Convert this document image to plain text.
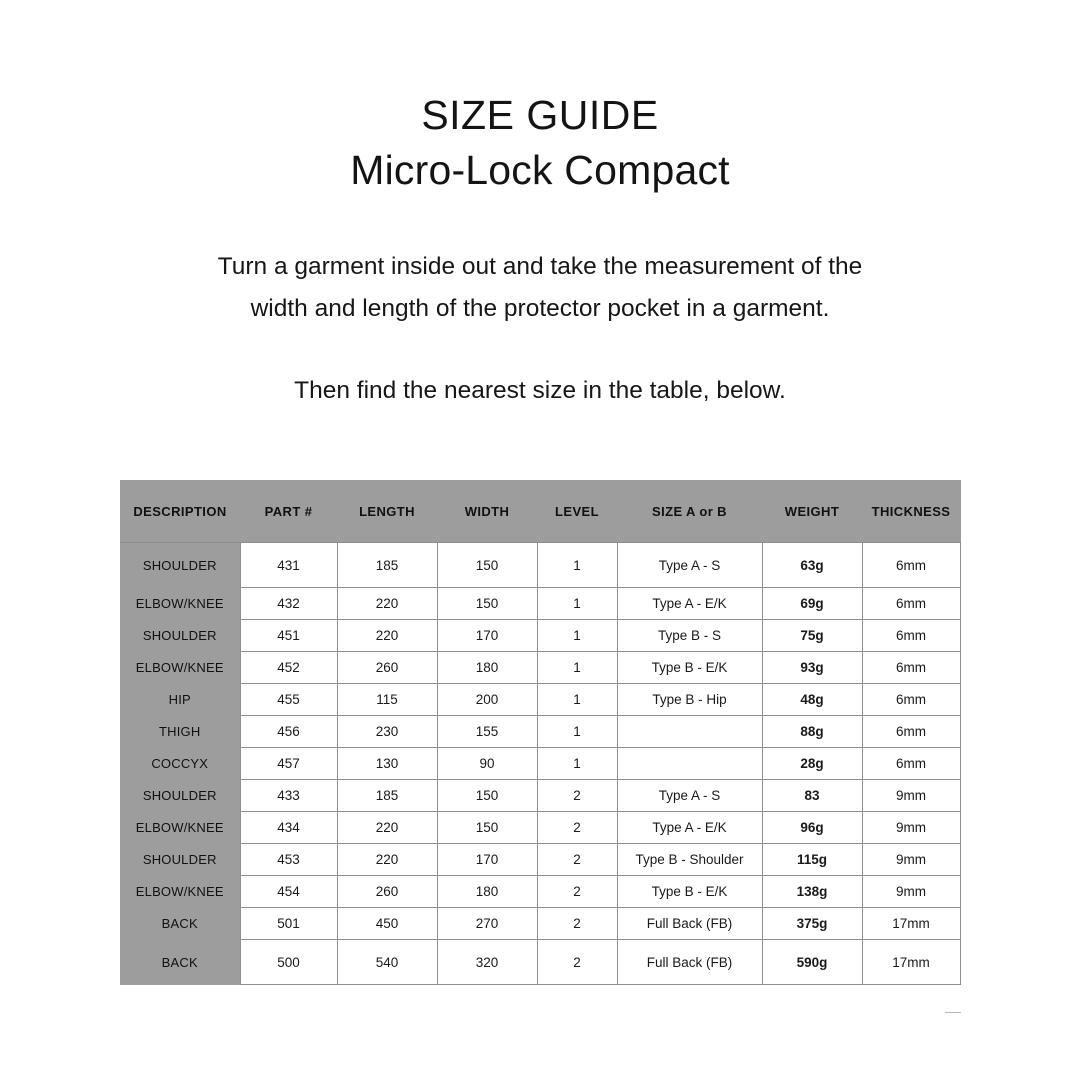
SIZE GUIDE
Micro-Lock Compact
Turn a garment inside out and take the measurement of the
width and length of the protector pocket in a garment.
Then find the nearest size in the table, below.
DESCRIPTION	PART #	LENGTH	WIDTH	LEVEL	SIZE A or B	WEIGHT	THICKNESS
SHOULDER	431	185	150	1	Type A - S	63g	6mm
ELBOW/KNEE	432	220	150	1	Type A - E/K	69g	6mm
SHOULDER	451	220	170	1	Type B - S	75g	6mm
ELBOW/KNEE	452	260	180	1	Type B - E/K	93g	6mm
HIP	455	115	200	1	Type B - Hip	48g	6mm
THIGH	456	230	155	1		88g	6mm
COCCYX	457	130	90	1		28g	6mm
SHOULDER	433	185	150	2	Type A - S	83	9mm
ELBOW/KNEE	434	220	150	2	Type A - E/K	96g	9mm
SHOULDER	453	220	170	2	Type B - Shoulder	115g	9mm
ELBOW/KNEE	454	260	180	2	Type B - E/K	138g	9mm
BACK	501	450	270	2	Full Back (FB)	375g	17mm
BACK	500	540	320	2	Full Back (FB)	590g	17mm
